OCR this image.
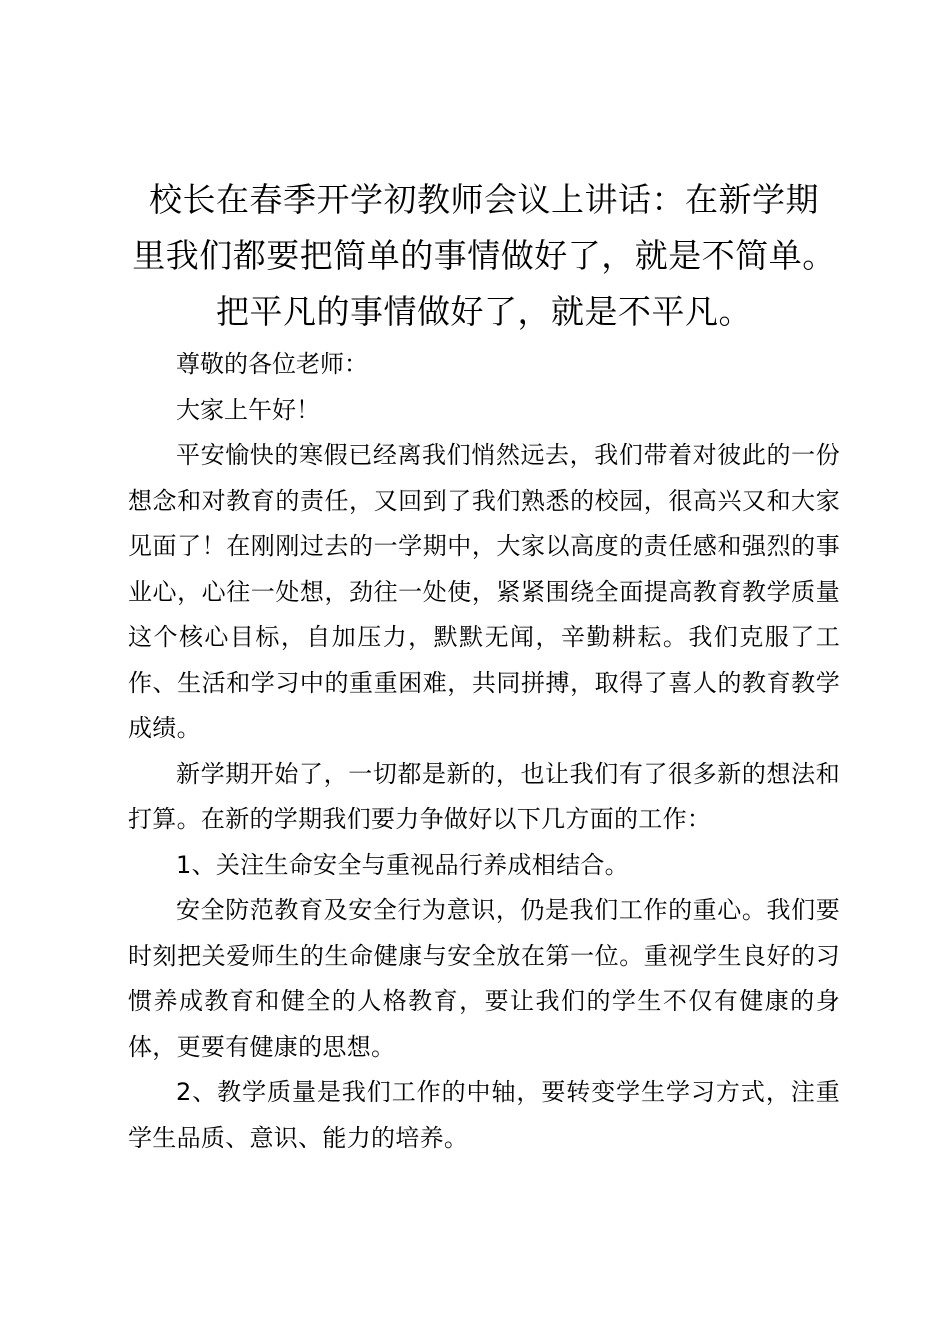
校长在春季开学初教师会议上讲话：在新学期
里我们都要把简单的事情做好了，就是不简单。
把平凡的事情做好了，就是不平凡。

尊敬的各位老师：

大家上午好！

平安愉快的寒假已经离我们悄然远去，我们带着对彼此的一份想念和对教育的责任，又回到了我们熟悉的校园，很高兴又和大家见面了！在刚刚过去的一学期中，大家以高度的责任感和强烈的事业心，心往一处想，劲往一处使，紧紧围绕全面提高教育教学质量这个核心目标，自加压力，默默无闻，辛勤耕耘。我们克服了工作、生活和学习中的重重困难，共同拼搏，取得了喜人的教育教学成绩。

新学期开始了，一切都是新的，也让我们有了很多新的想法和打算。在新的学期我们要力争做好以下几方面的工作：

1、关注生命安全与重视品行养成相结合。

安全防范教育及安全行为意识，仍是我们工作的重心。我们要时刻把关爱师生的生命健康与安全放在第一位。重视学生良好的习惯养成教育和健全的人格教育，要让我们的学生不仅有健康的身体，更要有健康的思想。

2、教学质量是我们工作的中轴，要转变学生学习方式，注重学生品质、意识、能力的培养。
